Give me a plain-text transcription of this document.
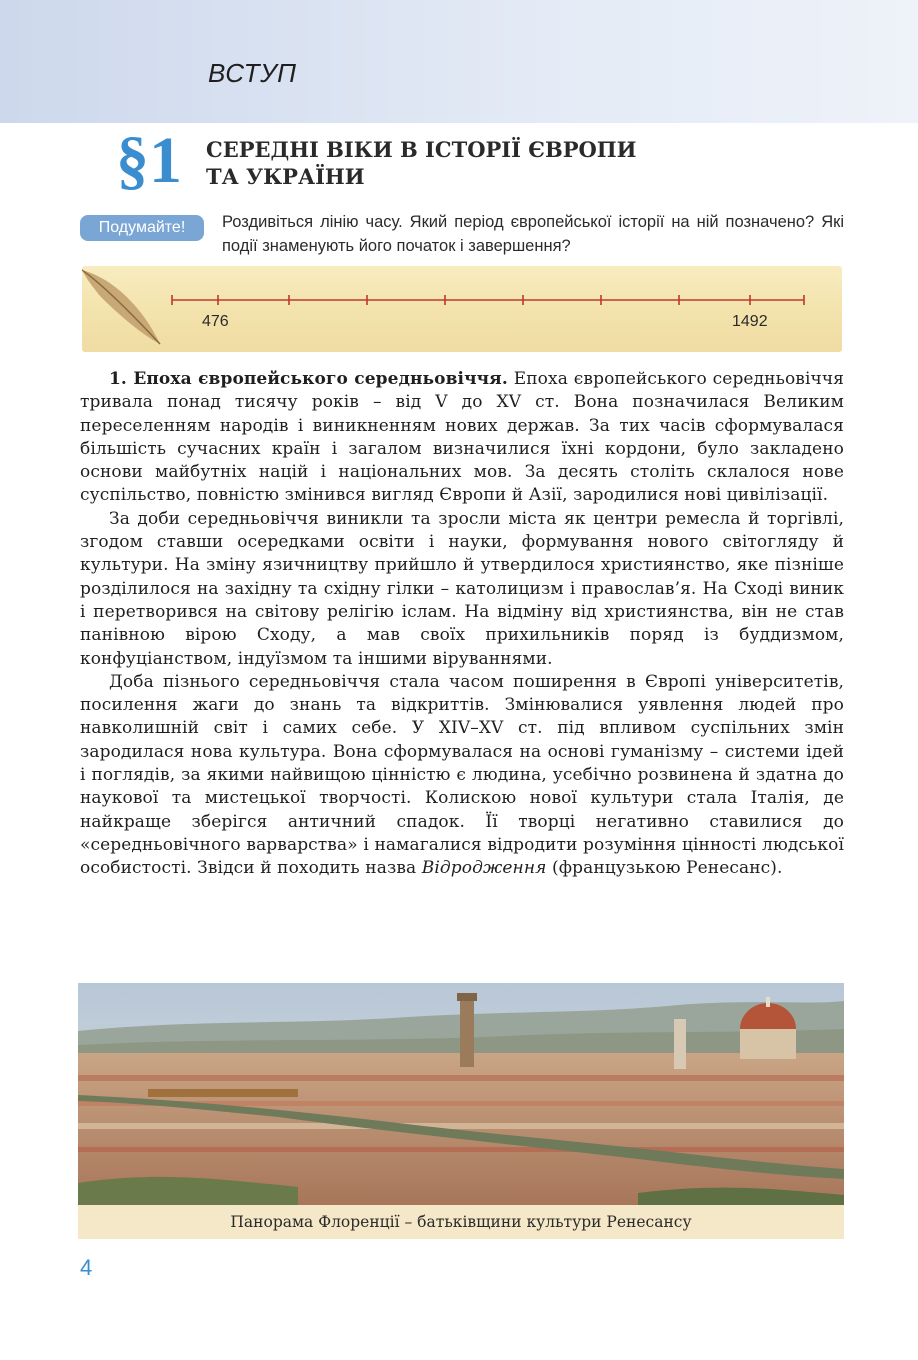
ВСТУП
§1 СЕРЕДНІ ВІКИ В ІСТОРІЇ ЄВРОПИ
ТА УКРАЇНИ
Подумайте!	Роздивіться лінію часу. Який період європейської історії на ній позначено? Які події знаменують його початок і завершення?
476	1492

1. Епоха європейського середньовіччя. Епоха європейського середньовіччя тривала понад тисячу років – від V до XV ст. Вона позначилася Великим переселенням народів і виникненням нових держав. За тих часів сформувалася більшість сучасних країн і загалом визначилися їхні кордони, було закладено основи майбутніх націй і національних мов. За десять століть склалося нове суспільство, повністю змінився вигляд Європи й Азії, зародилися нові цивілізації.

За доби середньовіччя виникли та зросли міста як центри ремесла й торгівлі, згодом ставши осередками освіти і науки, формування нового світогляду й культури. На зміну язичництву прийшло й утвердилося християнство, яке пізніше розділилося на західну та східну гілки – католицизм і православ’я. На Сході виник і перетворився на світову релігію іслам. На відміну від християнства, він не став панівною вірою Сходу, а мав своїх прихильників поряд із буддизмом, конфуціанством, індуїзмом та іншими віруваннями.

Доба пізнього середньовіччя стала часом поширення в Європі університетів, посилення жаги до знань та відкриттів. Змінювалися уявлення людей про навколишній світ і самих себе. У XIV–XV ст. під впливом суспільних змін зародилася нова культура. Вона сформувалася на основі гуманізму – системи ідей і поглядів, за якими найвищою цінністю є людина, усебічно розвинена й здатна до наукової та мистецької творчості. Колискою нової культури стала Італія, де найкраще зберігся античний спадок. Її творці негативно ставилися до «середньовічного варварства» і намагалися відродити розуміння цінності людської особистості. Звідси й походить назва Відродження (французькою Ренесанс).

Панорама Флоренції – батьківщини культури Ренесансу
4
